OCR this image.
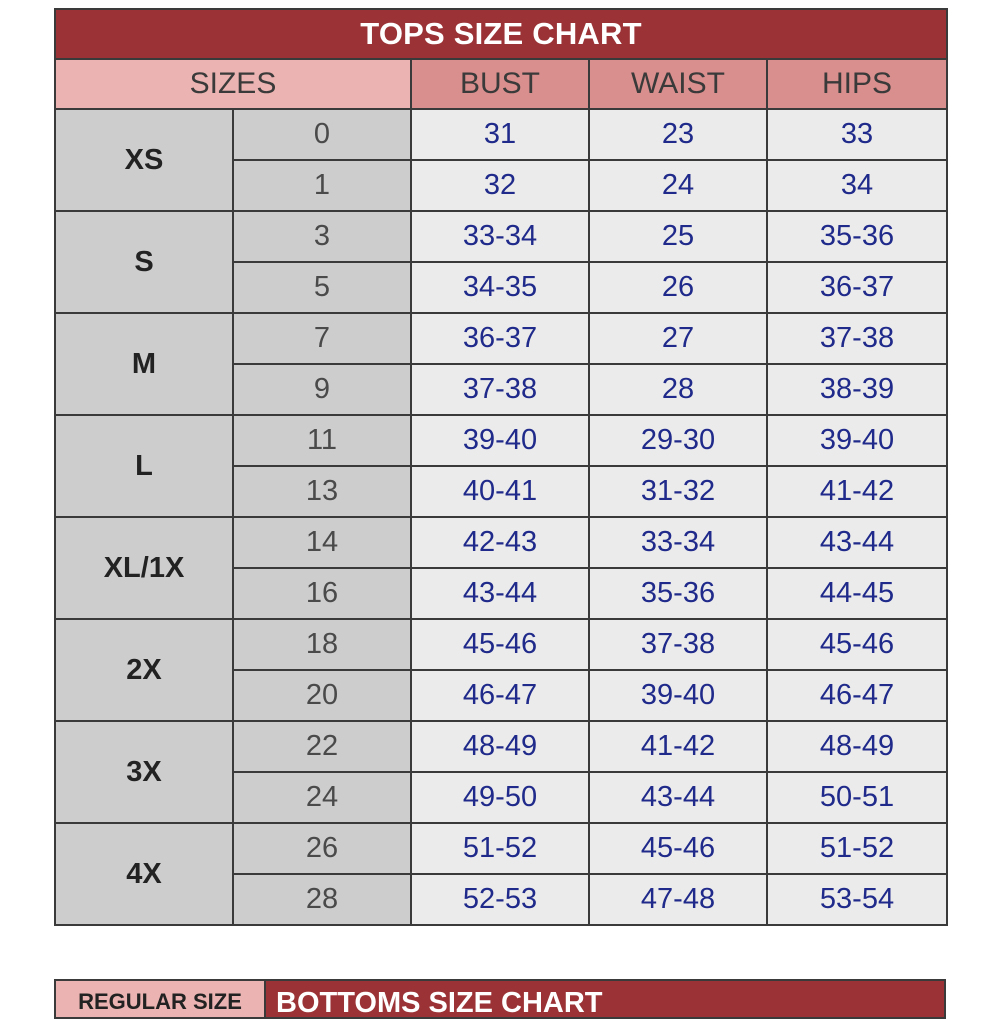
TOPS SIZE CHART				
SIZES		BUST	WAIST	HIPS
XS	0	31	23	33
	1	32	24	34
S	3	33-34	25	35-36
	5	34-35	26	36-37
M	7	36-37	27	37-38
	9	37-38	28	38-39
L	11	39-40	29-30	39-40
	13	40-41	31-32	41-42
XL/1X	14	42-43	33-34	43-44
	16	43-44	35-36	44-45
2X	18	45-46	37-38	45-46
	20	46-47	39-40	46-47
3X	22	48-49	41-42	48-49
	24	49-50	43-44	50-51
4X	26	51-52	45-46	51-52
	28	52-53	47-48	53-54
REGULAR SIZE	BOTTOMS SIZE CHART
